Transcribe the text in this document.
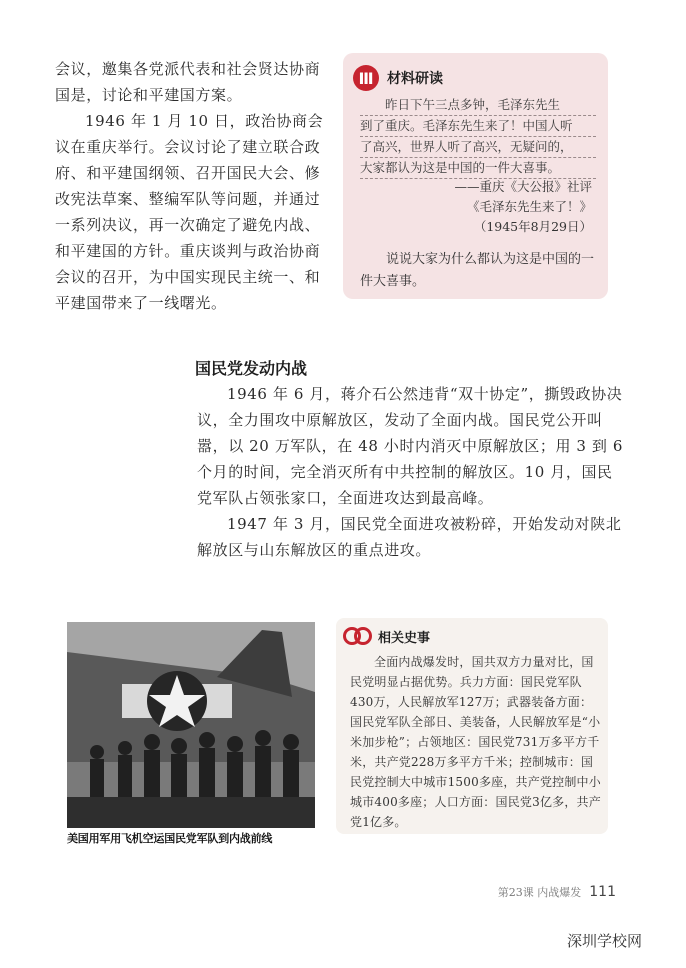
会议，邀集各党派代表和社会贤达协商国是，讨论和平建国方案。

1946 年 1 月 10 日，政治协商会议在重庆举行。会议讨论了建立联合政府、和平建国纲领、召开国民大会、修改宪法草案、整编军队等问题，并通过一系列决议，再一次确定了避免内战、和平建国的方针。重庆谈判与政治协商会议的召开，为中国实现民主统一、和平建国带来了一线曙光。

Ⅲ 材料研读
昨日下午三点多钟，毛泽东先生
到了重庆。毛泽东先生来了！中国人听
了高兴，世界人听了高兴，无疑问的，
大家都认为这是中国的一件大喜事。
——重庆《大公报》社评
《毛泽东先生来了！》
（1945年8月29日）
说说大家为什么都认为这是中国的一件大喜事。
国民党发动内战

1946 年 6 月，蒋介石公然违背“双十协定”，撕毁政协决议，全力围攻中原解放区，发动了全面内战。国民党公开叫嚣，以 20 万军队，在 48 小时内消灭中原解放区；用 3 到 6 个月的时间，完全消灭所有中共控制的解放区。10 月，国民党军队占领张家口，全面进攻达到最高峰。

1947 年 3 月，国民党全面进攻被粉碎，开始发动对陕北解放区与山东解放区的重点进攻。

美国用军用飞机空运国民党军队到内战前线
相关史事
全面内战爆发时，国共双方力量对比，国民党明显占据优势。兵力方面：国民党军队430万，人民解放军127万；武器装备方面：国民党军队全部日、美装备，人民解放军是“小米加步枪”；占领地区：国民党731万多平方千米，共产党228万多平方千米；控制城市：国民党控制大中城市1500多座，共产党控制中小城市400多座；人口方面：国民党3亿多，共产党1亿多。
第23课 内战爆发 111
深圳学校网
